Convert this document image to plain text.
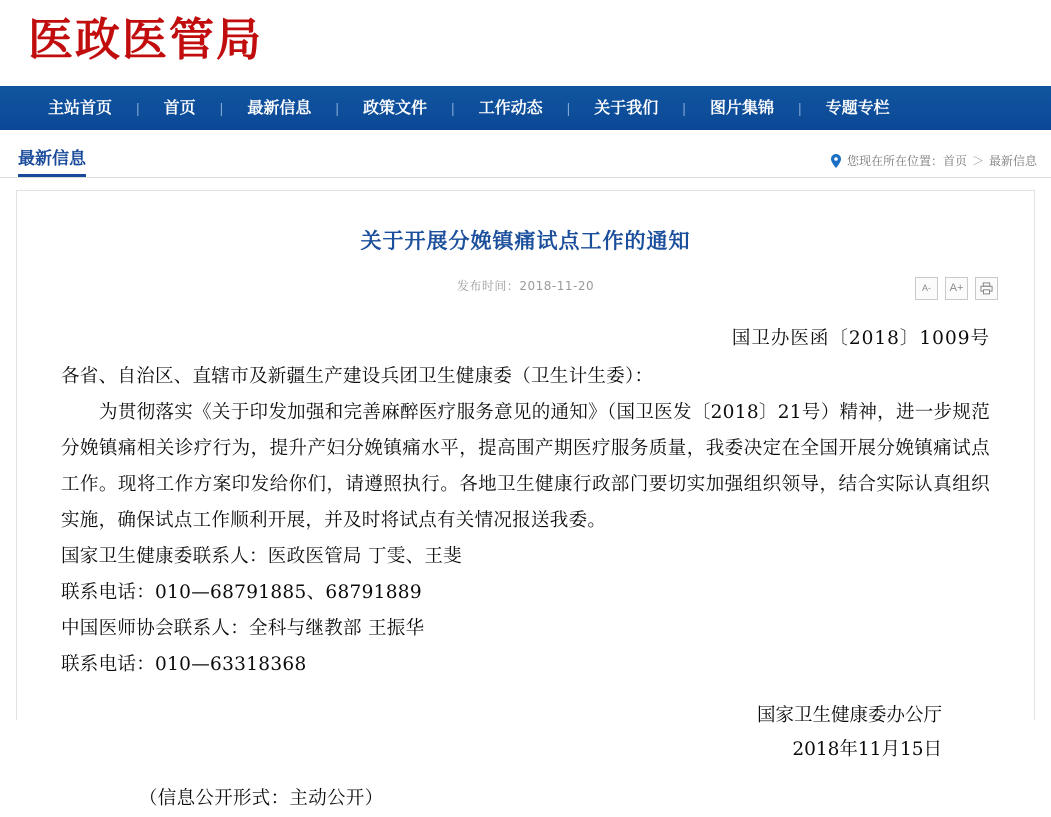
医政医管局
主站首页	|	首页	|	最新信息	|	政策文件	|	工作动态	|	关于我们	|	图片集锦	|	专题专栏
最新信息	您现在所在位置： 首页 ＞ 最新信息
关于开展分娩镇痛试点工作的通知
发布时间：2018-11-20	A-	A+
国卫办医函〔2018〕1009号

各省、自治区、直辖市及新疆生产建设兵团卫生健康委（卫生计生委）：

为贯彻落实《关于印发加强和完善麻醉医疗服务意见的通知》（国卫医发〔2018〕21号）精神，进一步规范分娩镇痛相关诊疗行为，提升产妇分娩镇痛水平，提高围产期医疗服务质量，我委决定在全国开展分娩镇痛试点工作。现将工作方案印发给你们，请遵照执行。各地卫生健康行政部门要切实加强组织领导，结合实际认真组织实施，确保试点工作顺利开展，并及时将试点有关情况报送我委。

国家卫生健康委联系人：医政医管局 丁雯、王斐

联系电话：010—68791885、68791889

中国医师协会联系人：全科与继教部 王振华

联系电话：010—63318368

国家卫生健康委办公厅
2018年11月15日
（信息公开形式：主动公开）
